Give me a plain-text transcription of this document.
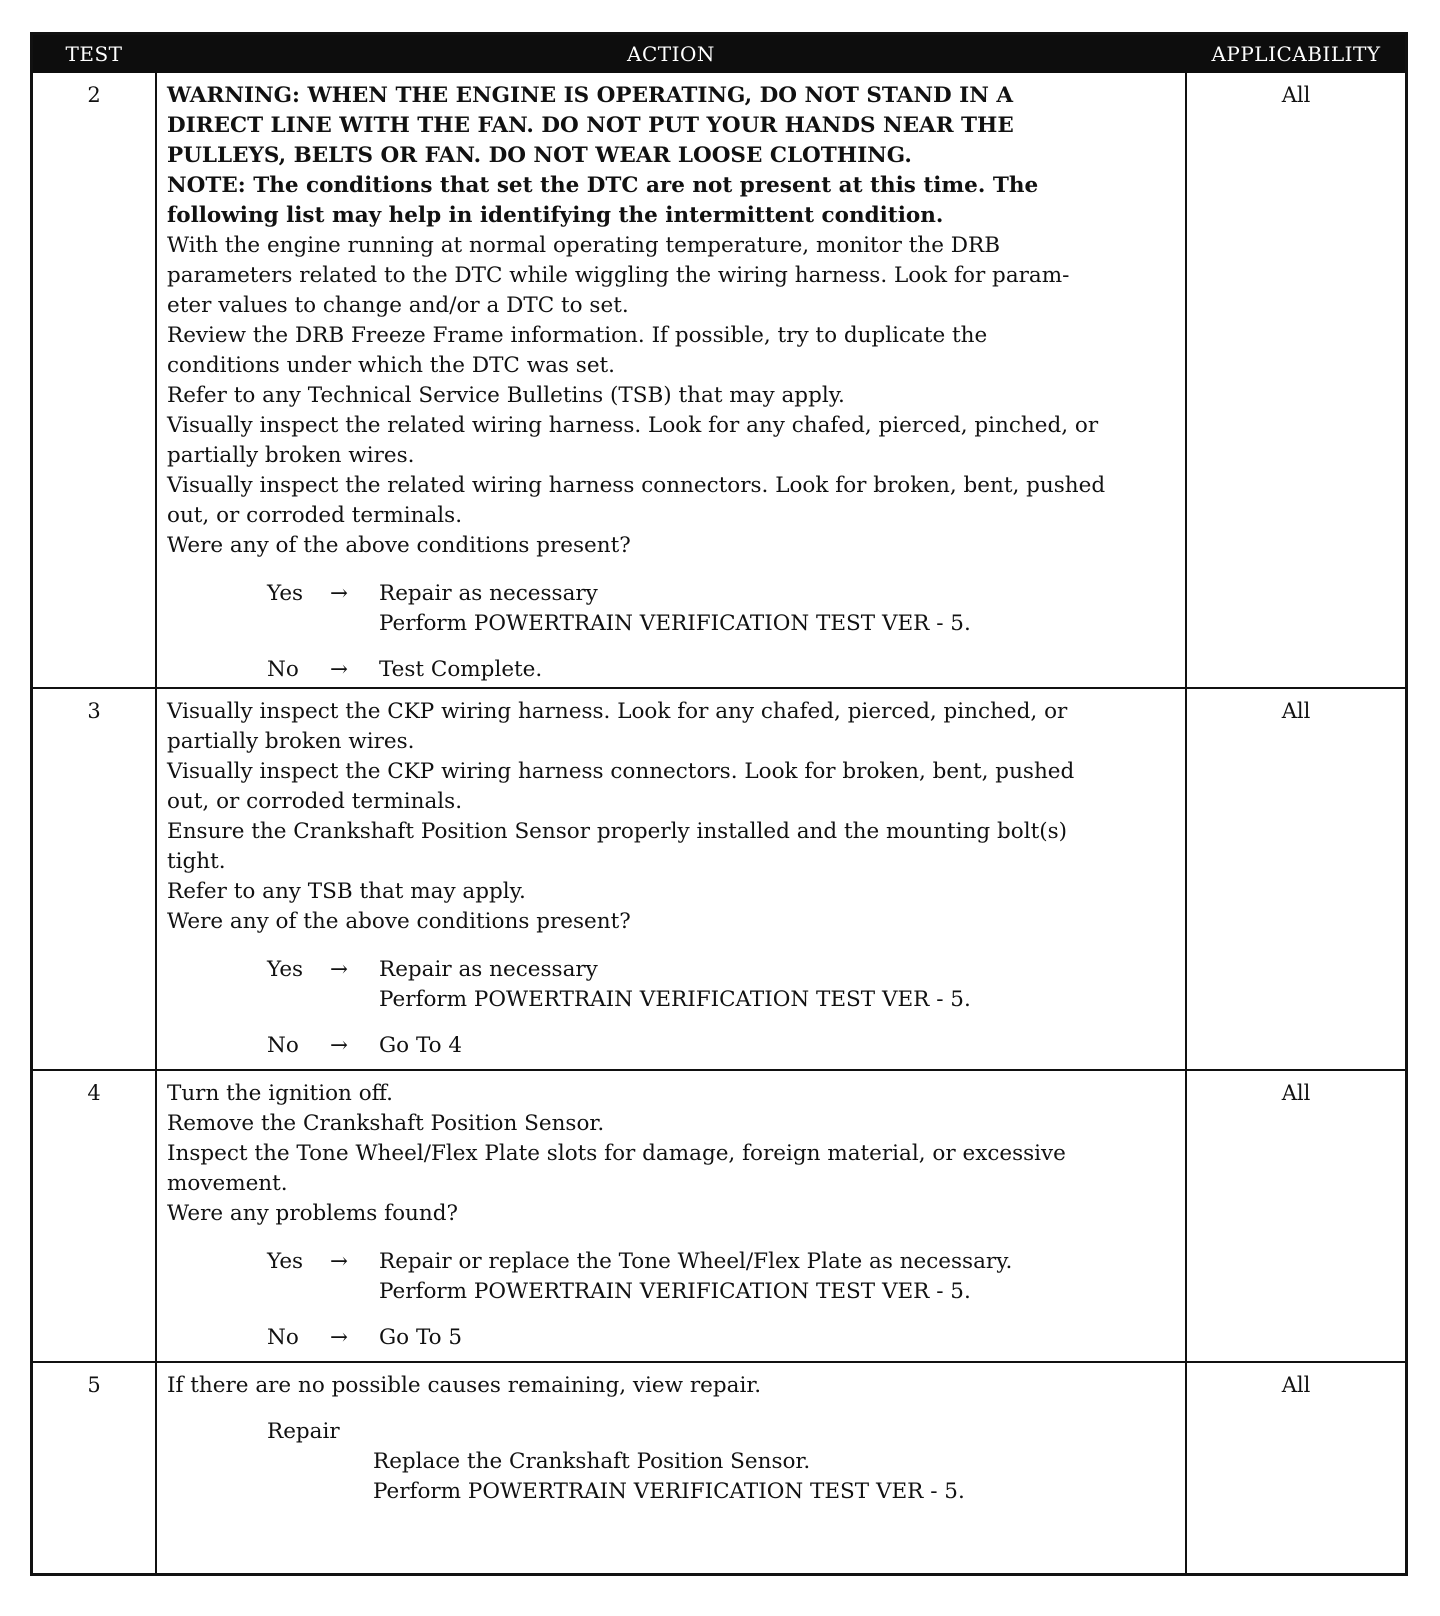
TEST	ACTION	APPLICABILITY
2	WARNING: WHEN THE ENGINE IS OPERATING, DO NOT STAND IN A
DIRECT LINE WITH THE FAN. DO NOT PUT YOUR HANDS NEAR THE
PULLEYS, BELTS OR FAN. DO NOT WEAR LOOSE CLOTHING.
NOTE: The conditions that set the DTC are not present at this time. The
following list may help in identifying the intermittent condition.
With the engine running at normal operating temperature, monitor the DRB
parameters related to the DTC while wiggling the wiring harness. Look for param-
eter values to change and/or a DTC to set.
Review the DRB Freeze Frame information. If possible, try to duplicate the
conditions under which the DTC was set.
Refer to any Technical Service Bulletins (TSB) that may apply.
Visually inspect the related wiring harness. Look for any chafed, pierced, pinched, or
partially broken wires.
Visually inspect the related wiring harness connectors. Look for broken, bent, pushed
out, or corroded terminals.
Were any of the above conditions present?
Yes → Repair as necessary
Perform POWERTRAIN VERIFICATION TEST VER - 5.
No → Test Complete.
All
3	Visually inspect the CKP wiring harness. Look for any chafed, pierced, pinched, or
partially broken wires.
Visually inspect the CKP wiring harness connectors. Look for broken, bent, pushed
out, or corroded terminals.
Ensure the Crankshaft Position Sensor properly installed and the mounting bolt(s)
tight.
Refer to any TSB that may apply.
Were any of the above conditions present?
Yes → Repair as necessary
Perform POWERTRAIN VERIFICATION TEST VER - 5.
No → Go To 4
All
4	Turn the ignition off.
Remove the Crankshaft Position Sensor.
Inspect the Tone Wheel/Flex Plate slots for damage, foreign material, or excessive
movement.
Were any problems found?
Yes → Repair or replace the Tone Wheel/Flex Plate as necessary.
Perform POWERTRAIN VERIFICATION TEST VER - 5.
No → Go To 5
All
5	If there are no possible causes remaining, view repair.
Repair
Replace the Crankshaft Position Sensor.
Perform POWERTRAIN VERIFICATION TEST VER - 5.
All
